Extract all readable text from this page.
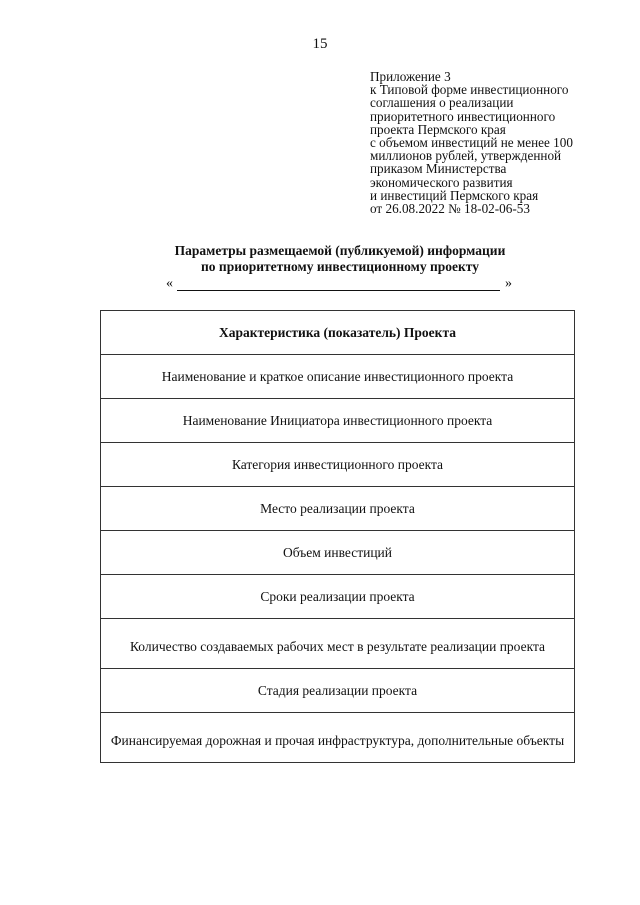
15
Приложение 3
к Типовой форме инвестиционного
соглашения о реализации
приоритетного инвестиционного
проекта Пермского края
с объемом инвестиций не менее 100
миллионов рублей, утвержденной
приказом Министерства
экономического развития
и инвестиций Пермского края
от 26.08.2022 № 18-02-06-53
Параметры размещаемой (публикуемой) информации
по приоритетному инвестиционному проекту
«	»
Характеристика (показатель) Проекта
Наименование и краткое описание инвестиционного проекта
Наименование Инициатора инвестиционного проекта
Категория инвестиционного проекта
Место реализации проекта
Объем инвестиций
Сроки реализации проекта
Количество создаваемых рабочих мест в результате реализации проекта
Стадия реализации проекта
Финансируемая дорожная и прочая инфраструктура, дополнительные объекты
